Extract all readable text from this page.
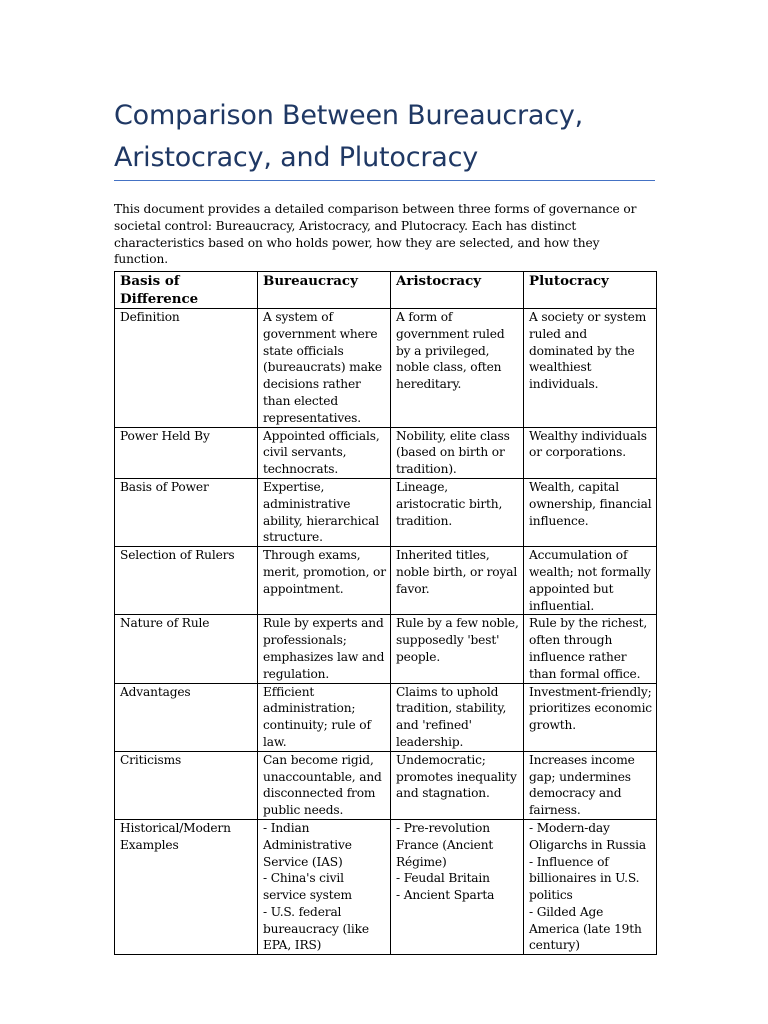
Comparison Between Bureaucracy, Aristocracy, and Plutocracy

This document provides a detailed comparison between three forms of governance or societal control: Bureaucracy, Aristocracy, and Plutocracy. Each has distinct characteristics based on who holds power, how they are selected, and how they function.

Basis of Difference	Bureaucracy	Aristocracy	Plutocracy
Definition	A system of government where state officials (bureaucrats) make decisions rather than elected representatives.	A form of government ruled by a privileged, noble class, often hereditary.	A society or system ruled and dominated by the wealthiest individuals.
Power Held By	Appointed officials, civil servants, technocrats.	Nobility, elite class (based on birth or tradition).	Wealthy individuals or corporations.
Basis of Power	Expertise, administrative ability, hierarchical structure.	Lineage, aristocratic birth, tradition.	Wealth, capital ownership, financial influence.
Selection of Rulers	Through exams, merit, promotion, or appointment.	Inherited titles, noble birth, or royal favor.	Accumulation of wealth; not formally appointed but influential.
Nature of Rule	Rule by experts and professionals; emphasizes law and regulation.	Rule by a few noble, supposedly 'best' people.	Rule by the richest, often through influence rather than formal office.
Advantages	Efficient administration; continuity; rule of law.	Claims to uphold tradition, stability, and 'refined' leadership.	Investment-friendly; prioritizes economic growth.
Criticisms	Can become rigid, unaccountable, and disconnected from public needs.	Undemocratic; promotes inequality and stagnation.	Increases income gap; undermines democracy and fairness.
Historical/Modern Examples	- Indian Administrative Service (IAS)
- China's civil service system
- U.S. federal bureaucracy (like EPA, IRS)	- Pre-revolution France (Ancient Régime)
- Feudal Britain
- Ancient Sparta	- Modern-day Oligarchs in Russia
- Influence of billionaires in U.S. politics
- Gilded Age America (late 19th century)
